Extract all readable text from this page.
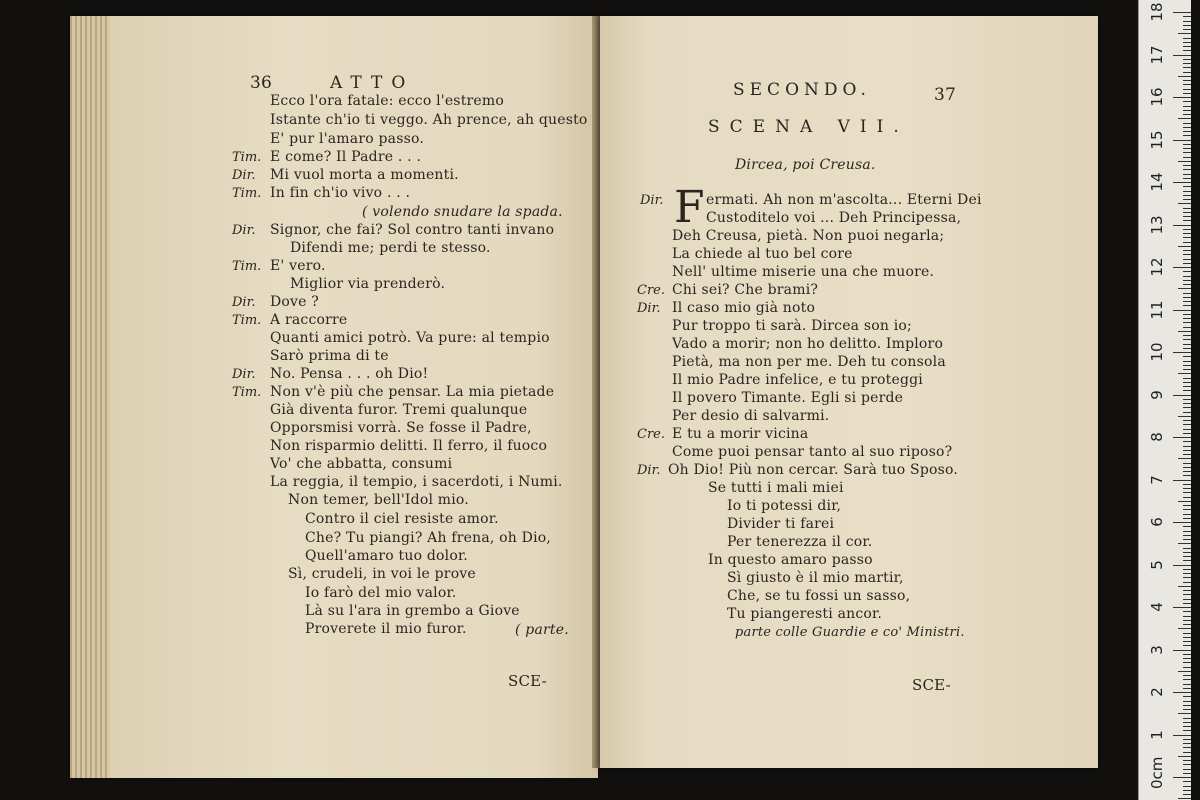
36	ATTO
Ecco l'ora fatale: ecco l'estremo
Istante ch'io ti veggo. Ah prence, ah questo
E' pur l'amaro passo.
Tim. E come? Il Padre . . .
Dir. Mi vuol morta a momenti.
Tim. In fin ch'io vivo . . .
( volendo snudare la spada.
Dir. Signor, che fai? Sol contro tanti invano
Difendi me; perdi te stesso.
Tim. E' vero.
Miglior via prenderò.
Dir. Dove ?
Tim. A raccorre
Quanti amici potrò. Va pure: al tempio
Sarò prima di te
Dir. No. Pensa . . . oh Dio!
Tim. Non v'è più che pensar. La mia pietade
Già diventa furor. Tremi qualunque
Opporsmisi vorrà. Se fosse il Padre,
Non risparmio delitti. Il ferro, il fuoco
Vo' che abbatta, consumi
La reggia, il tempio, i sacerdoti, i Numi.
Non temer, bell'Idol mio.
Contro il ciel resiste amor.
Che? Tu piangi? Ah frena, oh Dio,
Quell'amaro tuo dolor.
Sì, crudeli, in voi le prove
Io farò del mio valor.
Là su l'ara in grembo a Giove
Proverete il mio furor.	( parte.
SCE-
SECONDO.	37
SCENA VII.
Dircea, poi Creusa.
Dir. F ermati. Ah non m'ascolta... Eterni Dei
Custoditelo voi ... Deh Principessa,
Deh Creusa, pietà. Non puoi negarla;
La chiede al tuo bel core
Nell' ultime miserie una che muore.
Cre. Chi sei? Che brami?
Dir. Il caso mio già noto
Pur troppo ti sarà. Dircea son io;
Vado a morir; non ho delitto. Imploro
Pietà, ma non per me. Deh tu consola
Il mio Padre infelice, e tu proteggi
Il povero Timante. Egli si perde
Per desio di salvarmi.
Cre. E tu a morir vicina
Come puoi pensar tanto al suo riposo?
Dir. Oh Dio! Più non cercar. Sarà tuo Sposo.
Se tutti i mali miei
Io ti potessi dir,
Divider ti farei
Per tenerezza il cor.
In questo amaro passo
Sì giusto è il mio martir,
Che, se tu fossi un sasso,
Tu piangeresti ancor.
parte colle Guardie e co' Ministri.
SCE-
18
17
16
15
14
13
12
11
10
9
8
7
6
5
4
3
2
1
0cm
